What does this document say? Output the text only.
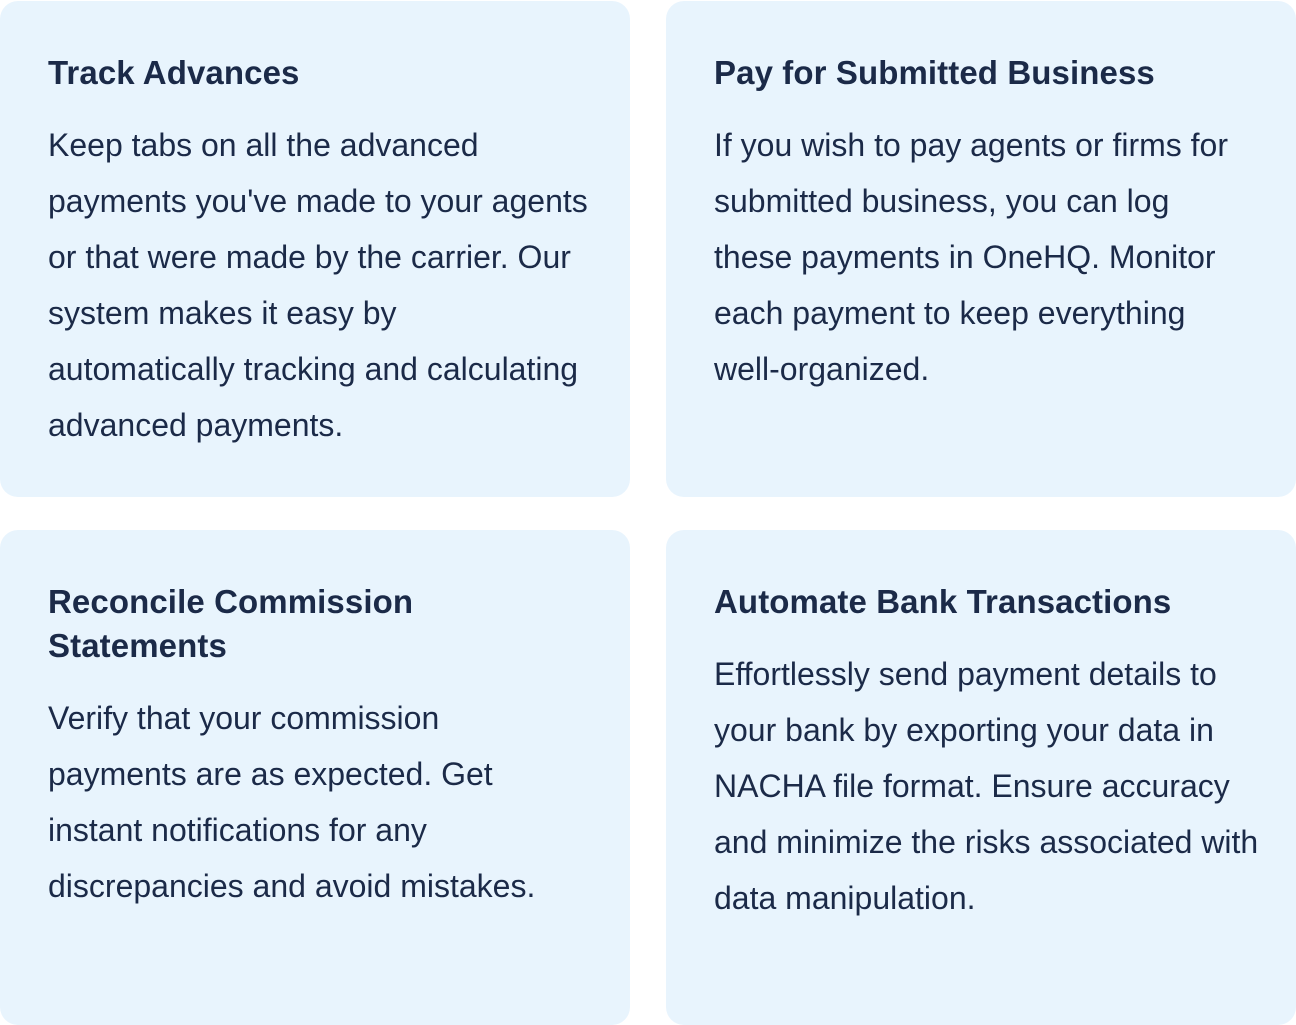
Track Advances

Keep tabs on all the advanced payments you've made to your agents or that were made by the carrier. Our system makes it easy by automatically tracking and calculating advanced payments.

Pay for Submitted Business

If you wish to pay agents or firms for submitted business, you can log these payments in OneHQ. Monitor each payment to keep everything well-organized.

Reconcile Commission Statements

Verify that your commission payments are as expected. Get instant notifications for any discrepancies and avoid mistakes.

Automate Bank Transactions

Effortlessly send payment details to your bank by exporting your data in NACHA file format. Ensure accuracy and minimize the risks associated with data manipulation.
